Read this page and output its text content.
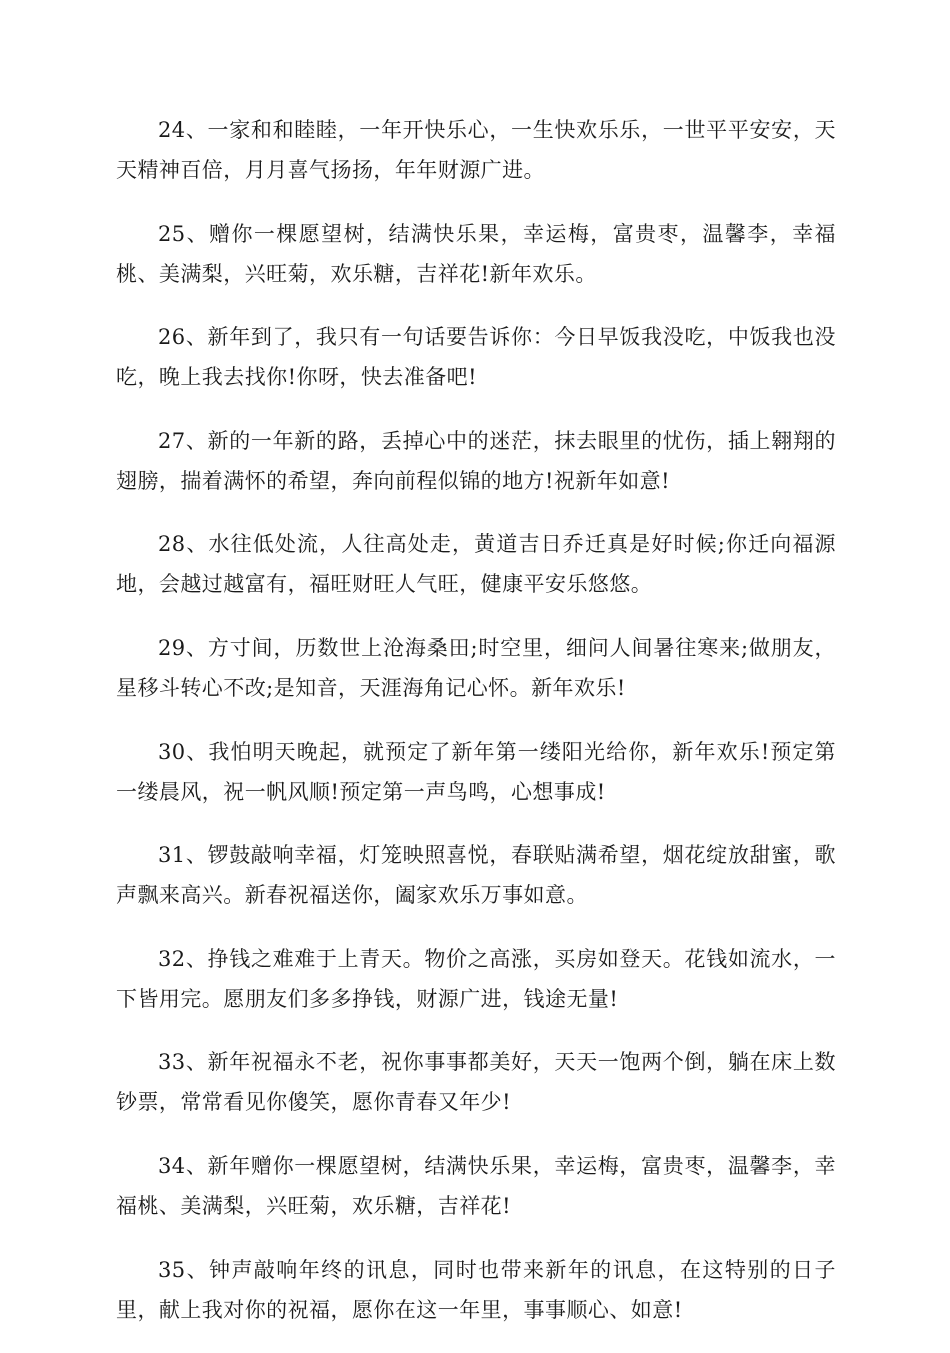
24、一家和和睦睦，一年开快乐心，一生快欢乐乐，一世平平安安，天天精神百倍，月月喜气扬扬，年年财源广进。

25、赠你一棵愿望树，结满快乐果，幸运梅，富贵枣，温馨李，幸福桃、美满梨，兴旺菊，欢乐糖，吉祥花!新年欢乐。

26、新年到了，我只有一句话要告诉你：今日早饭我没吃，中饭我也没吃，晚上我去找你!你呀，快去准备吧!

27、新的一年新的路，丢掉心中的迷茫，抹去眼里的忧伤，插上翱翔的翅膀，揣着满怀的希望，奔向前程似锦的地方!祝新年如意!

28、水往低处流，人往高处走，黄道吉日乔迁真是好时候;你迁向福源地，会越过越富有，福旺财旺人气旺，健康平安乐悠悠。

29、方寸间，历数世上沧海桑田;时空里，细问人间暑往寒来;做朋友，星移斗转心不改;是知音，天涯海角记心怀。新年欢乐!

30、我怕明天晚起，就预定了新年第一缕阳光给你，新年欢乐!预定第一缕晨风，祝一帆风顺!预定第一声鸟鸣，心想事成!

31、锣鼓敲响幸福，灯笼映照喜悦，春联贴满希望，烟花绽放甜蜜，歌声飘来高兴。新春祝福送你，阖家欢乐万事如意。

32、挣钱之难难于上青天。物价之高涨，买房如登天。花钱如流水，一下皆用完。愿朋友们多多挣钱，财源广进，钱途无量!

33、新年祝福永不老，祝你事事都美好，天天一饱两个倒，躺在床上数钞票，常常看见你傻笑，愿你青春又年少!

34、新年赠你一棵愿望树，结满快乐果，幸运梅，富贵枣，温馨李，幸福桃、美满梨，兴旺菊，欢乐糖，吉祥花!

35、钟声敲响年终的讯息，同时也带来新年的讯息，在这特别的日子里，献上我对你的祝福，愿你在这一年里，事事顺心、如意!
